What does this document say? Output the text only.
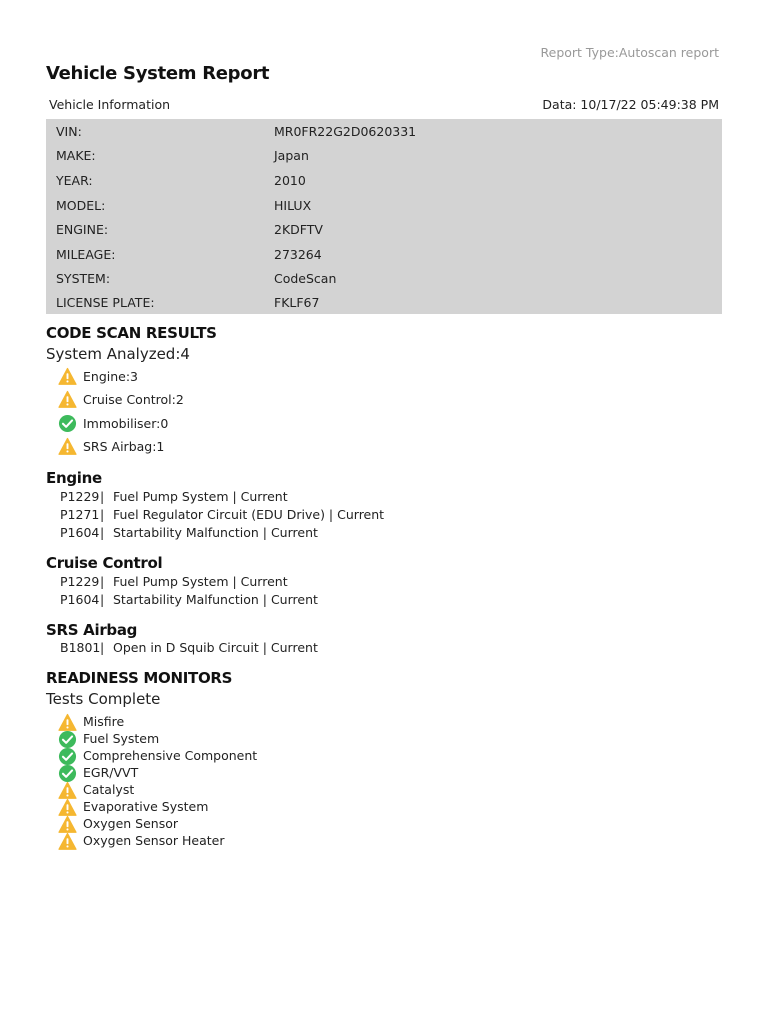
Report Type:Autoscan report
Vehicle System Report
Vehicle Information	Data: 10/17/22 05:49:38 PM
VIN:	MR0FR22G2D0620331
MAKE:	Japan
YEAR:	2010
MODEL:	HILUX
ENGINE:	2KDFTV
MILEAGE:	273264
SYSTEM:	CodeScan
LICENSE PLATE:	FKLF67
CODE SCAN RESULTS
System Analyzed:4
Engine:3
Cruise Control:2
Immobiliser:0
SRS Airbag:1
Engine
P1229| Fuel Pump System | Current
P1271| Fuel Regulator Circuit (EDU Drive) | Current
P1604| Startability Malfunction | Current
Cruise Control
P1229| Fuel Pump System | Current
P1604| Startability Malfunction | Current
SRS Airbag
B1801| Open in D Squib Circuit | Current
READINESS MONITORS
Tests Complete
Misfire
Fuel System
Comprehensive Component
EGR/VVT
Catalyst
Evaporative System
Oxygen Sensor
Oxygen Sensor Heater
